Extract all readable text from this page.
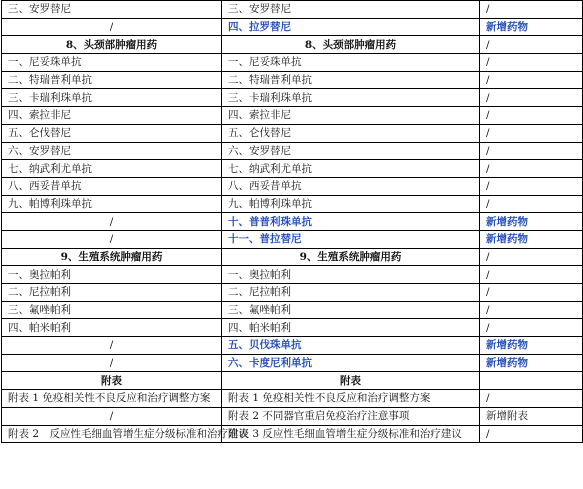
三、安罗替尼	三、安罗替尼	/
/	四、拉罗替尼	新增药物
8、头颈部肿瘤用药	8、头颈部肿瘤用药	/
一、尼妥珠单抗	一、尼妥珠单抗	/
二、特瑞普利单抗	二、特瑞普利单抗	/
三、卡瑞利珠单抗	三、卡瑞利珠单抗	/
四、索拉非尼	四、索拉非尼	/
五、仑伐替尼	五、仑伐替尼	/
六、安罗替尼	六、安罗替尼	/
七、纳武利尤单抗	七、纳武利尤单抗	/
八、西妥昔单抗	八、西妥昔单抗	/
九、帕博利珠单抗	九、帕博利珠单抗	/
/	十、普普利珠单抗	新增药物
/	十一、普拉替尼	新增药物
9、生殖系统肿瘤用药	9、生殖系统肿瘤用药	/
一、奥拉帕利	一、奥拉帕利	/
二、尼拉帕利	二、尼拉帕利	/
三、氟唑帕利	三、氟唑帕利	/
四、帕米帕利	四、帕米帕利	/
/	五、贝伐珠单抗	新增药物
/	六、卡度尼利单抗	新增药物
附表	附表	
附表 1 免疫相关性不良反应和治疗调整方案	附表 1 免疫相关性不良反应和治疗调整方案	/
/	附表 2 不同器官重启免疫治疗注意事项	新增附表
附表 2　反应性毛细血管增生症分级标准和治疗建议	附表 3 反应性毛细血管增生症分级标准和治疗建议	/
